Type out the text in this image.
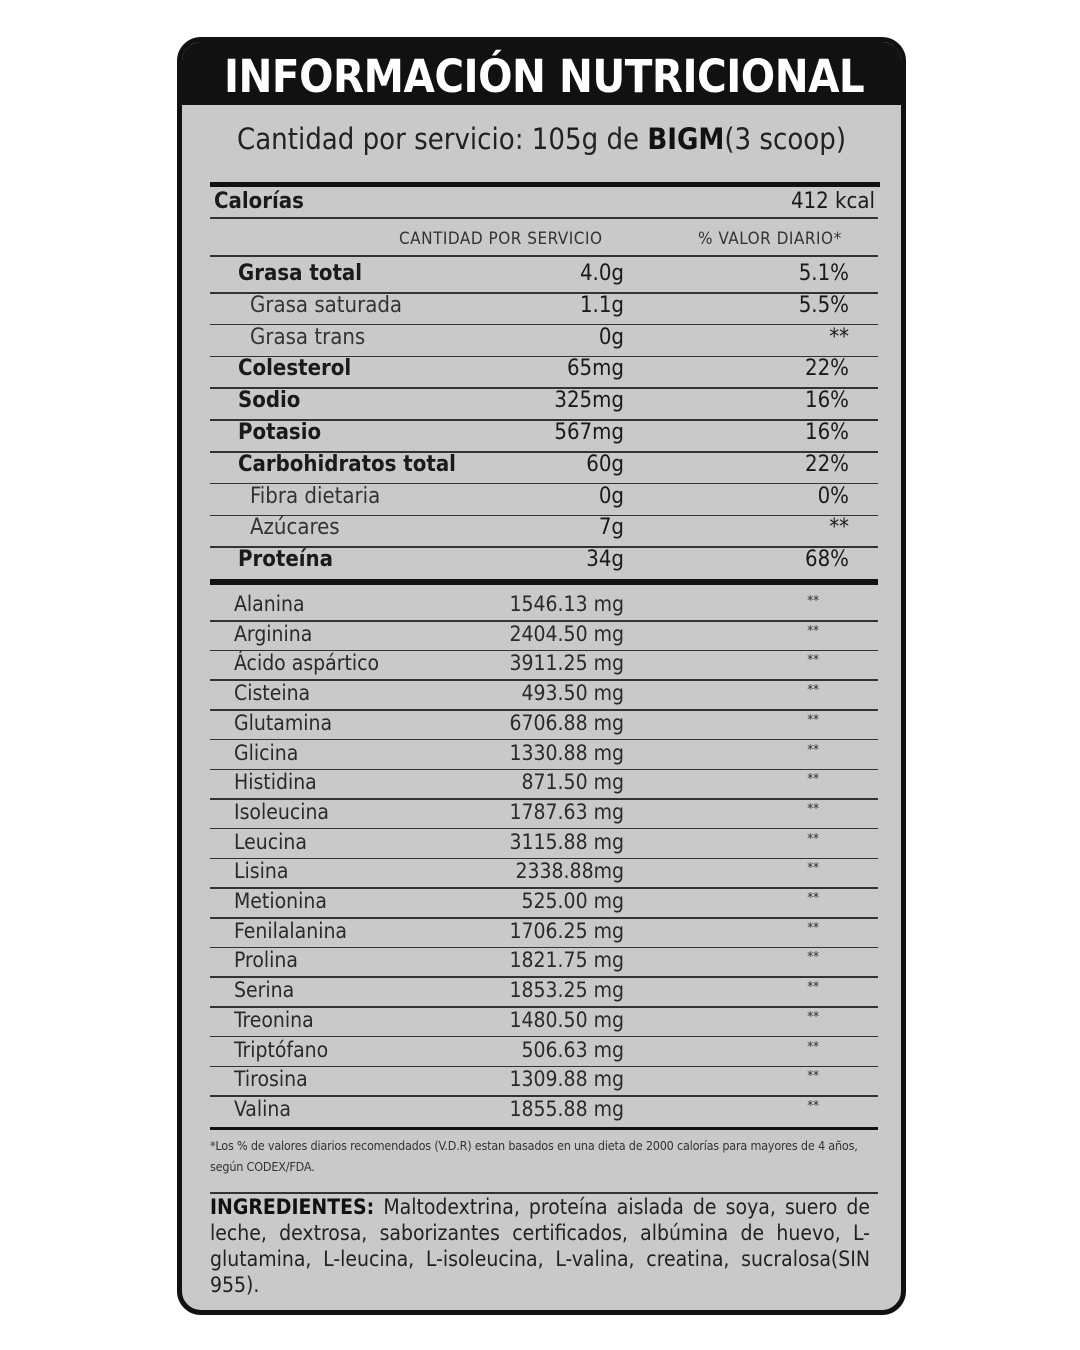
INFORMACIÓN NUTRICIONAL
Cantidad por servicio: 105g de BIGM(3 scoop)
Calorías	412 kcal
CANTIDAD POR SERVICIO	% VALOR DIARIO*
*Los % de valores diarios recomendados (V.D.R) estan basados en una dieta de 2000 calorías para mayores de 4 años, según CODEX/FDA.
INGREDIENTES: Maltodextrina, proteína aislada de soya, suero de leche, dextrosa, saborizantes certificados, albúmina de huevo, L-glutamina, L-leucina, L-isoleucina, L-valina, creatina, sucralosa(SIN 955).
Grasa total	4.0g	5.1%
Grasa saturada	1.1g	5.5%
Grasa trans	0g	**
Colesterol	65mg	22%
Sodio	325mg	16%
Potasio	567mg	16%
Carbohidratos total	60g	22%
Fibra dietaria	0g	0%
Azúcares	7g	**
Proteína	34g	68%
Alanina	1546.13 mg	**
Arginina	2404.50 mg	**
Ácido aspártico	3911.25 mg	**
Cisteina	493.50 mg	**
Glutamina	6706.88 mg	**
Glicina	1330.88 mg	**
Histidina	871.50 mg	**
Isoleucina	1787.63 mg	**
Leucina	3115.88 mg	**
Lisina	2338.88mg	**
Metionina	525.00 mg	**
Fenilalanina	1706.25 mg	**
Prolina	1821.75 mg	**
Serina	1853.25 mg	**
Treonina	1480.50 mg	**
Triptófano	506.63 mg	**
Tirosina	1309.88 mg	**
Valina	1855.88 mg	**
